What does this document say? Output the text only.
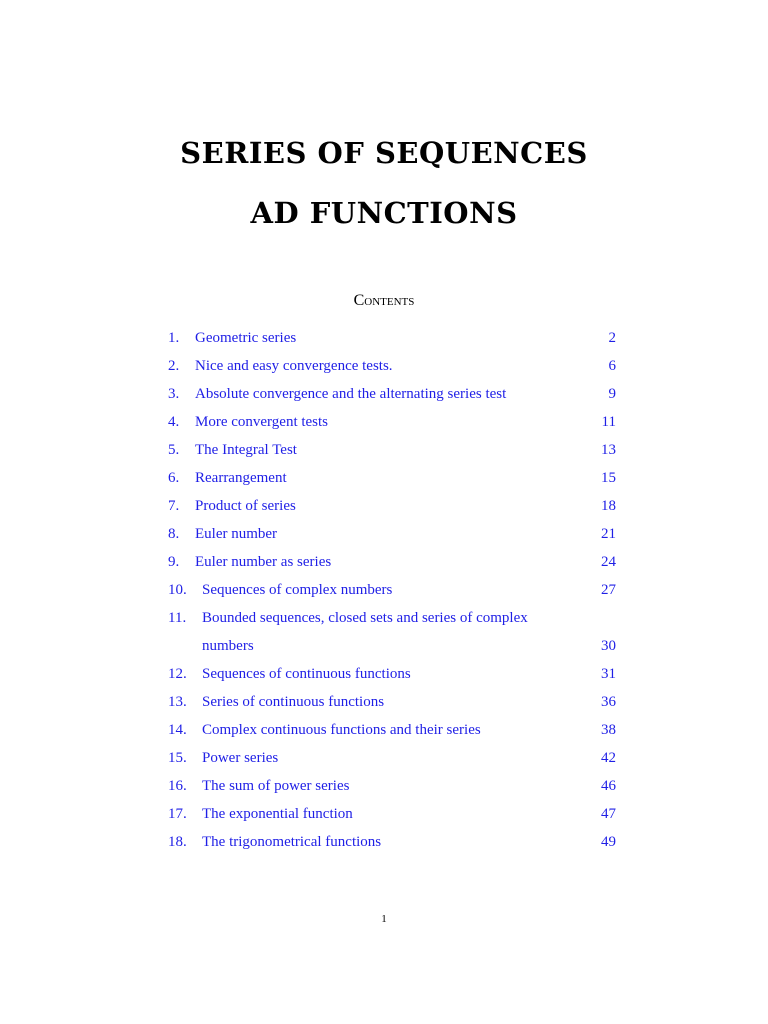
SERIES OF SEQUENCES
AD FUNCTIONS
Contents
1. Geometric series	2
2. Nice and easy convergence tests.	6
3. Absolute convergence and the alternating series test	9
4. More convergent tests	11
5. The Integral Test	13
6. Rearrangement	15
7. Product of series	18
8. Euler number	21
9. Euler number as series	24
10. Sequences of complex numbers	27
11. Bounded sequences, closed sets and series of complex
numbers	30
12. Sequences of continuous functions	31
13. Series of continuous functions	36
14. Complex continuous functions and their series	38
15. Power series	42
16. The sum of power series	46
17. The exponential function	47
18. The trigonometrical functions	49
1
